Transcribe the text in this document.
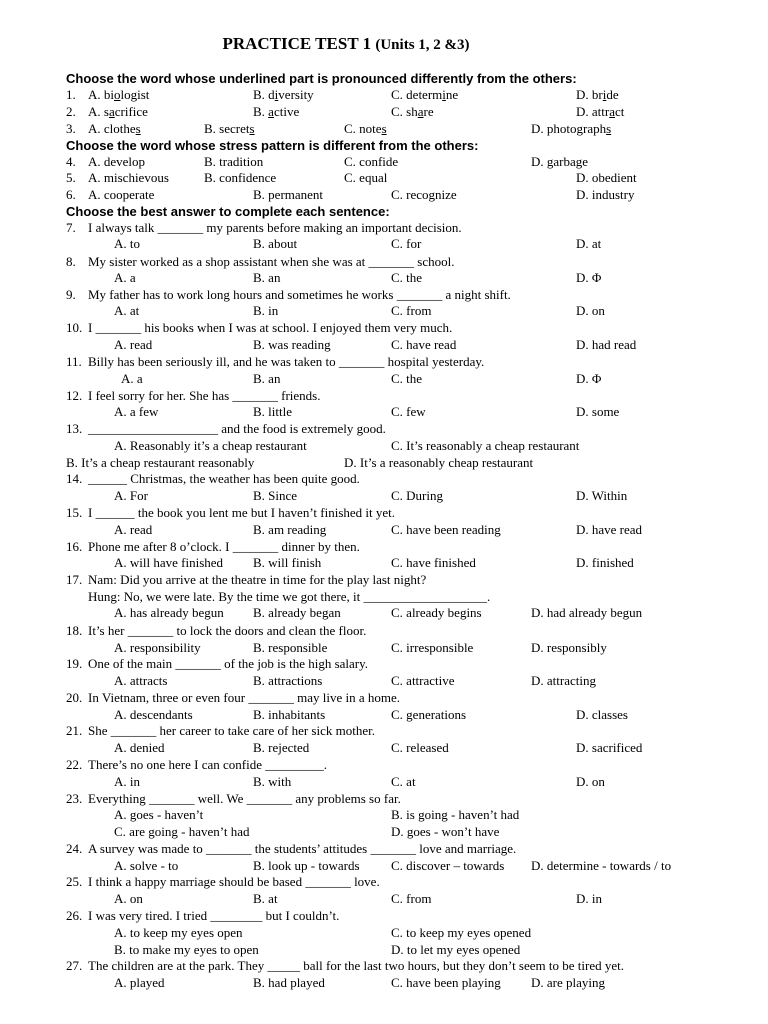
PRACTICE TEST 1 (Units 1, 2 &3)
Choose the word whose underlined part is pronounced differently from the others:
Choose the word whose stress pattern is different from the others:
Choose the best answer to complete each sentence:
1. A. biologist	B. diversity	C. determine	D. bride
2. A. sacrifice	B. active	C. share	D. attract
3. A. clothes	B. secrets	C. notes	D. photographs
4. A. develop	B. tradition	C. confide	D. garbage
5. A. mischievous	B. confidence	C. equal	D. obedient
6. A. cooperate	B. permanent	C. recognize	D. industry
7. I always talk _______ my parents before making an important decision.
A. to	B. about	C. for	D. at
8. My sister worked as a shop assistant when she was at _______ school.
A. a	B. an	C. the	D. Φ
9. My father has to work long hours and sometimes he works _______ a night shift.
A. at	B. in	C. from	D. on
10. I _______ his books when I was at school. I enjoyed them very much.
A. read	B. was reading	C. have read	D. had read
11. Billy has been seriously ill, and he was taken to _______ hospital yesterday.
A. a	B. an	C. the	D. Φ
12. I feel sorry for her. She has _______ friends.
A. a few	B. little	C. few	D. some
13. ____________________ and the food is extremely good.
A. Reasonably it’s a cheap restaurant	C. It’s reasonably a cheap restaurant
B. It’s a cheap restaurant reasonably	D. It’s a reasonably cheap restaurant
14. ______ Christmas, the weather has been quite good.
A. For	B. Since	C. During	D. Within
15. I ______ the book you lent me but I haven’t finished it yet.
A. read	B. am reading	C. have been reading	D. have read
16. Phone me after 8 o’clock. I _______ dinner by then.
A. will have finished B. will finish	C. have finished	D. finished
17. Nam: Did you arrive at the theatre in time for the play last night?
Hung: No, we were late. By the time we got there, it ___________________.
A. has already begun B. already began	C. already begins	D. had already begun
18. It’s her _______ to lock the doors and clean the floor.
A. responsibility	B. responsible	C. irresponsible	D. responsibly
19. One of the main _______ of the job is the high salary.
A. attracts	B. attractions	C. attractive	D. attracting
20. In Vietnam, three or even four _______ may live in a home.
A. descendants	B. inhabitants	C. generations	D. classes
21. She _______ her career to take care of her sick mother.
A. denied	B. rejected	C. released	D. sacrificed
22. There’s no one here I can confide _________.
A. in	B. with	C. at	D. on
23. Everything _______ well. We _______ any problems so far.
A. goes - haven’t	B. is going - haven’t had
C. are going - haven’t had	D. goes - won’t have
24. A survey was made to _______ the students’ attitudes _______ love and marriage.
A. solve - to	B. look up - towards C. discover – towards D. determine - towards / to
25. I think a happy marriage should be based _______ love.
A. on	B. at	C. from	D. in
26. I was very tired. I tried ________ but I couldn’t.
A. to keep my eyes open	C. to keep my eyes opened
B. to make my eyes to open	D. to let my eyes opened
27. The children are at the park. They _____ ball for the last two hours, but they don’t seem to be tired yet.
A. played	B. had played	C. have been playing D. are playing
